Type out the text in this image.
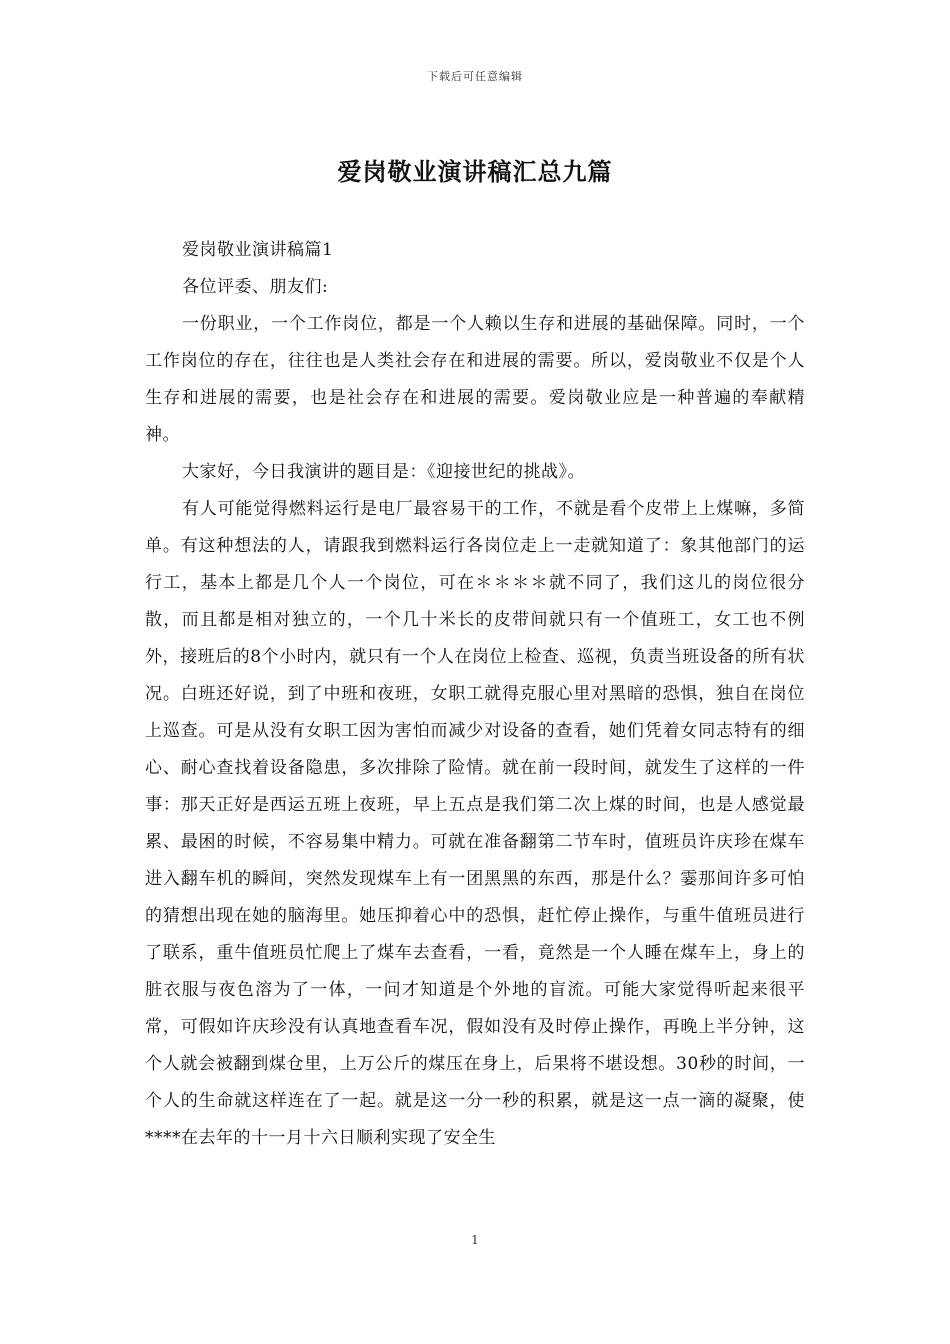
下载后可任意编辑
爱岗敬业演讲稿汇总九篇

爱岗敬业演讲稿篇1

各位评委、朋友们:

一份职业，一个工作岗位，都是一个人赖以生存和进展的基础保障。同时，一个工作岗位的存在，往往也是人类社会存在和进展的需要。所以，爱岗敬业不仅是个人生存和进展的需要，也是社会存在和进展的需要。爱岗敬业应是一种普遍的奉献精神。

大家好，今日我演讲的题目是：《迎接世纪的挑战》。

有人可能觉得燃料运行是电厂最容易干的工作，不就是看个皮带上上煤嘛，多简单。有这种想法的人，请跟我到燃料运行各岗位走上一走就知道了：象其他部门的运行工，基本上都是几个人一个岗位，可在＊＊＊＊就不同了，我们这儿的岗位很分散，而且都是相对独立的，一个几十米长的皮带间就只有一个值班工，女工也不例外，接班后的8个小时内，就只有一个人在岗位上检查、巡视，负责当班设备的所有状况。白班还好说，到了中班和夜班，女职工就得克服心里对黑暗的恐惧，独自在岗位上巡查。可是从没有女职工因为害怕而减少对设备的查看，她们凭着女同志特有的细心、耐心查找着设备隐患，多次排除了险情。就在前一段时间，就发生了这样的一件事：那天正好是西运五班上夜班，早上五点是我们第二次上煤的时间，也是人感觉最累、最困的时候，不容易集中精力。可就在准备翻第二节车时，值班员许庆珍在煤车进入翻车机的瞬间，突然发现煤车上有一团黑黑的东西，那是什么？霎那间许多可怕的猜想出现在她的脑海里。她压抑着心中的恐惧，赶忙停止操作，与重牛值班员进行了联系，重牛值班员忙爬上了煤车去查看，一看，竟然是一个人睡在煤车上，身上的脏衣服与夜色溶为了一体，一问才知道是个外地的盲流。可能大家觉得听起来很平常，可假如许庆珍没有认真地查看车况，假如没有及时停止操作，再晚上半分钟，这个人就会被翻到煤仓里，上万公斤的煤压在身上，后果将不堪设想。30秒的时间，一个人的生命就这样连在了一起。就是这一分一秒的积累，就是这一点一滴的凝聚，使****在去年的十一月十六日顺利实现了安全生

1
